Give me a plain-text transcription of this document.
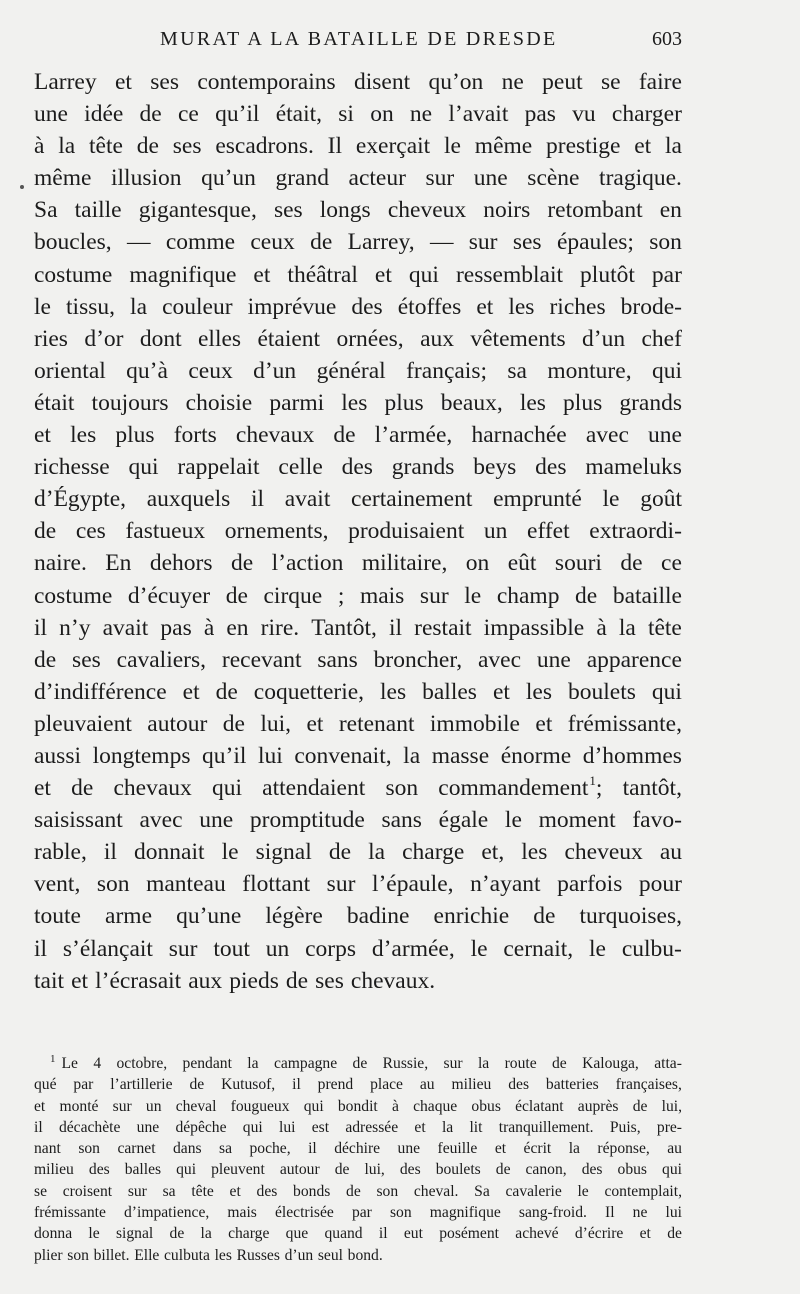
MURAT A LA BATAILLE DE DRESDE	603
Larrey et ses contemporains disent qu’on ne peut se faire
une idée de ce qu’il était, si on ne l’avait pas vu charger
à la tête de ses escadrons. Il exerçait le même prestige et la
même illusion qu’un grand acteur sur une scène tragique.
Sa taille gigantesque, ses longs cheveux noirs retombant en
boucles, — comme ceux de Larrey, — sur ses épaules; son
costume magnifique et théâtral et qui ressemblait plutôt par
le tissu, la couleur imprévue des étoffes et les riches brode-
ries d’or dont elles étaient ornées, aux vêtements d’un chef
oriental qu’à ceux d’un général français; sa monture, qui
était toujours choisie parmi les plus beaux, les plus grands
et les plus forts chevaux de l’armée, harnachée avec une
richesse qui rappelait celle des grands beys des mameluks
d’Égypte, auxquels il avait certainement emprunté le goût
de ces fastueux ornements, produisaient un effet extraordi-
naire. En dehors de l’action militaire, on eût souri de ce
costume d’écuyer de cirque ; mais sur le champ de bataille
il n’y avait pas à en rire. Tantôt, il restait impassible à la tête
de ses cavaliers, recevant sans broncher, avec une apparence
d’indifférence et de coquetterie, les balles et les boulets qui
pleuvaient autour de lui, et retenant immobile et frémissante,
aussi longtemps qu’il lui convenait, la masse énorme d’hommes
et de chevaux qui attendaient son commandement$^1$; tantôt,
saisissant avec une promptitude sans égale le moment favo-
rable, il donnait le signal de la charge et, les cheveux au
vent, son manteau flottant sur l’épaule, n’ayant parfois pour
toute arme qu’une légère badine enrichie de turquoises,
il s’élançait sur tout un corps d’armée, le cernait, le culbu-
tait et l’écrasait aux pieds de ses chevaux.
$^1$ Le 4 octobre, pendant la campagne de Russie, sur la route de Kalouga, atta-
qué par l’artillerie de Kutusof, il prend place au milieu des batteries françaises,
et monté sur un cheval fougueux qui bondit à chaque obus éclatant auprès de lui,
il décachète une dépêche qui lui est adressée et la lit tranquillement. Puis, pre-
nant son carnet dans sa poche, il déchire une feuille et écrit la réponse, au
milieu des balles qui pleuvent autour de lui, des boulets de canon, des obus qui
se croisent sur sa tête et des bonds de son cheval. Sa cavalerie le contemplait,
frémissante d’impatience, mais électrisée par son magnifique sang-froid. Il ne lui
donna le signal de la charge que quand il eut posément achevé d’écrire et de
plier son billet. Elle culbuta les Russes d’un seul bond.
